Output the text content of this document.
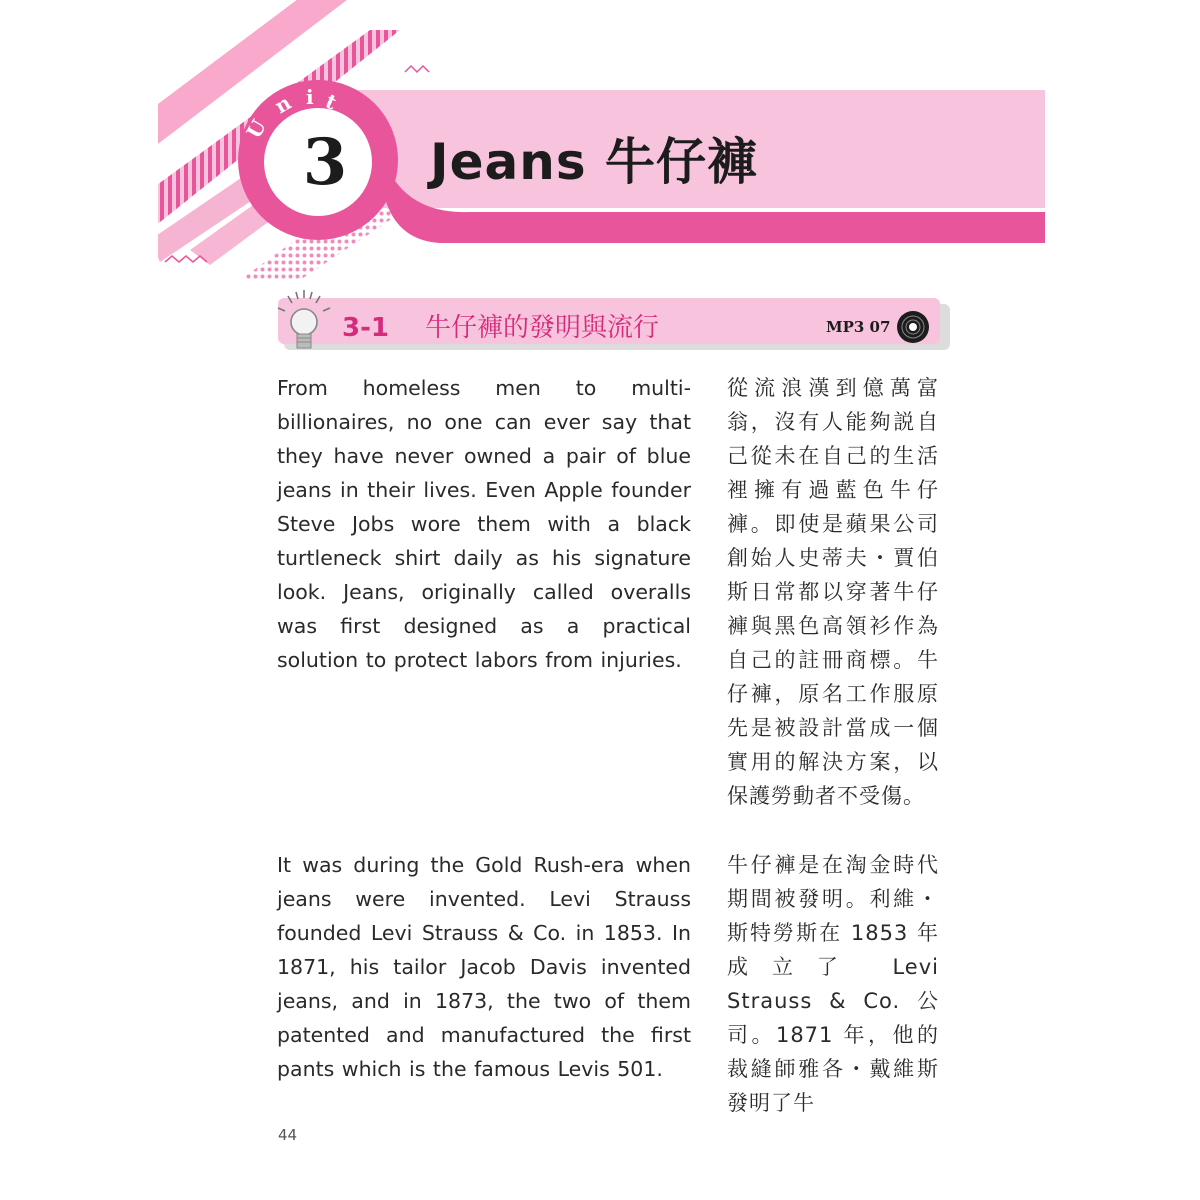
U
n i t
3	Jeans 牛仔褲
3-1 牛仔褲的發明與流行	MP3 07

From homeless men to multi-billionaires, no one can ever say that they have never owned a pair of blue jeans in their lives. Even Apple founder Steve Jobs wore them with a black turtleneck shirt daily as his signature look. Jeans, originally called overalls was first designed as a practical solution to protect labors from injuries.

從流浪漢到億萬富翁，沒有人能夠説自己從未在自己的生活裡擁有過藍色牛仔褲。即使是蘋果公司創始人史蒂夫・賈伯斯日常都以穿著牛仔褲與黑色高領衫作為自己的註冊商標。牛仔褲，原名工作服原先是被設計當成一個實用的解決方案，以保護勞動者不受傷。

It was during the Gold Rush-era when jeans were invented. Levi Strauss founded Levi Strauss & Co. in 1853. In 1871, his tailor Jacob Davis invented jeans, and in 1873, the two of them patented and manufactured the first pants which is the famous Levis 501.

牛仔褲是在淘金時代期間被發明。利維・斯特勞斯在 1853 年成立了 Levi Strauss & Co. 公司。1871 年，他的裁縫師雅各・戴維斯發明了牛

44
